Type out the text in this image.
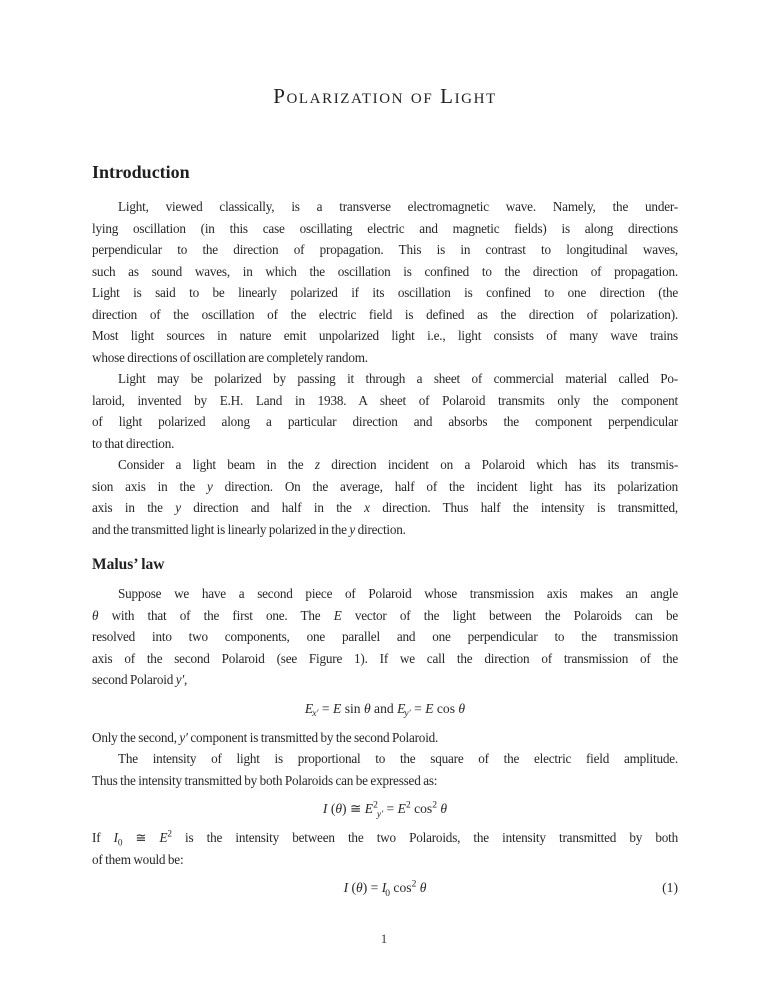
Polarization of Light
Introduction
Light, viewed classically, is a transverse electromagnetic wave. Namely, the under-
lying oscillation (in this case oscillating electric and magnetic fields) is along directions
perpendicular to the direction of propagation. This is in contrast to longitudinal waves,
such as sound waves, in which the oscillation is confined to the direction of propagation.
Light is said to be linearly polarized if its oscillation is confined to one direction (the
direction of the oscillation of the electric field is defined as the direction of polarization).
Most light sources in nature emit unpolarized light i.e., light consists of many wave trains
whose directions of oscillation are completely random.
Light may be polarized by passing it through a sheet of commercial material called Po-
laroid, invented by E.H. Land in 1938. A sheet of Polaroid transmits only the component
of light polarized along a particular direction and absorbs the component perpendicular
to that direction.
Consider a light beam in the z direction incident on a Polaroid which has its transmis-
sion axis in the y direction. On the average, half of the incident light has its polarization
axis in the y direction and half in the x direction. Thus half the intensity is transmitted,
and the transmitted light is linearly polarized in the y direction.
Malus’ law
Suppose we have a second piece of Polaroid whose transmission axis makes an angle
θ with that of the first one. The E vector of the light between the Polaroids can be
resolved into two components, one parallel and one perpendicular to the transmission
axis of the second Polaroid (see Figure 1). If we call the direction of transmission of the
second Polaroid y′,
$E_{x'} = E$ sin θ and $E_{y'} = E$ cos θ
Only the second, y′ component is transmitted by the second Polaroid.
The intensity of light is proportional to the square of the electric field amplitude.
Thus the intensity transmitted by both Polaroids can be expressed as:
I (θ) ≅ $E^2_{y'} = E^2$ $\cos^2 \theta$
If $I_0$ ≅ $E^2$ is the intensity between the two Polaroids, the intensity transmitted by both
of them would be:
I $(\theta) = I_0$ $\cos^2 \theta$	(1)
1
